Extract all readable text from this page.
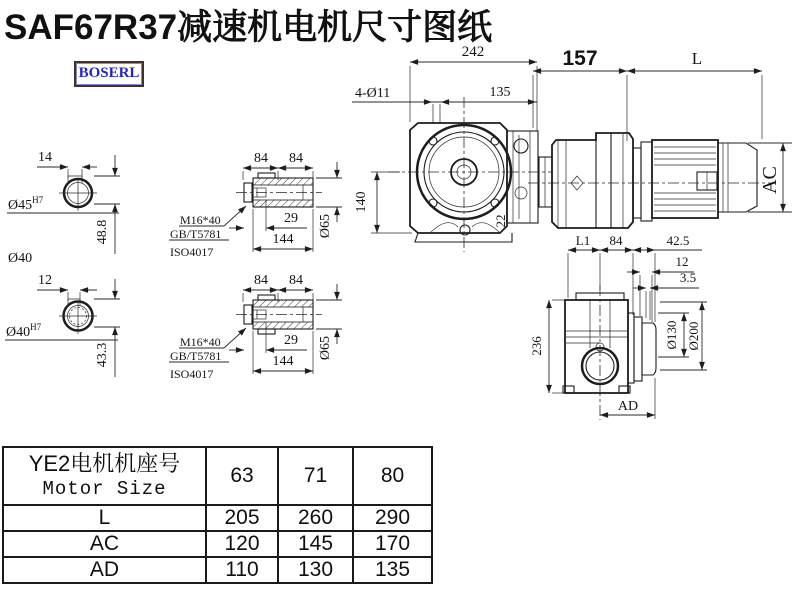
SAF67R37减速机电机尺寸图纸
BOSERL
14
$Ø45^{H7}$
48.8
Ø40
12
$Ø40^{H7}$
43.3
84 84
29
144
Ø65
M16*40
GB/T5781
ISO4017
84 84
29
144
Ø65
M16*40
GB/T5781
ISO4017
242
4-Ø11	135
140
22
157	L
AC
L1 84	42.5
12
3.5
236	Ø130 Ø200
AD
YE2电机机座号
Motor Size	63	71	80
L	205	260	290
AC	120	145	170
AD	110	130	135
